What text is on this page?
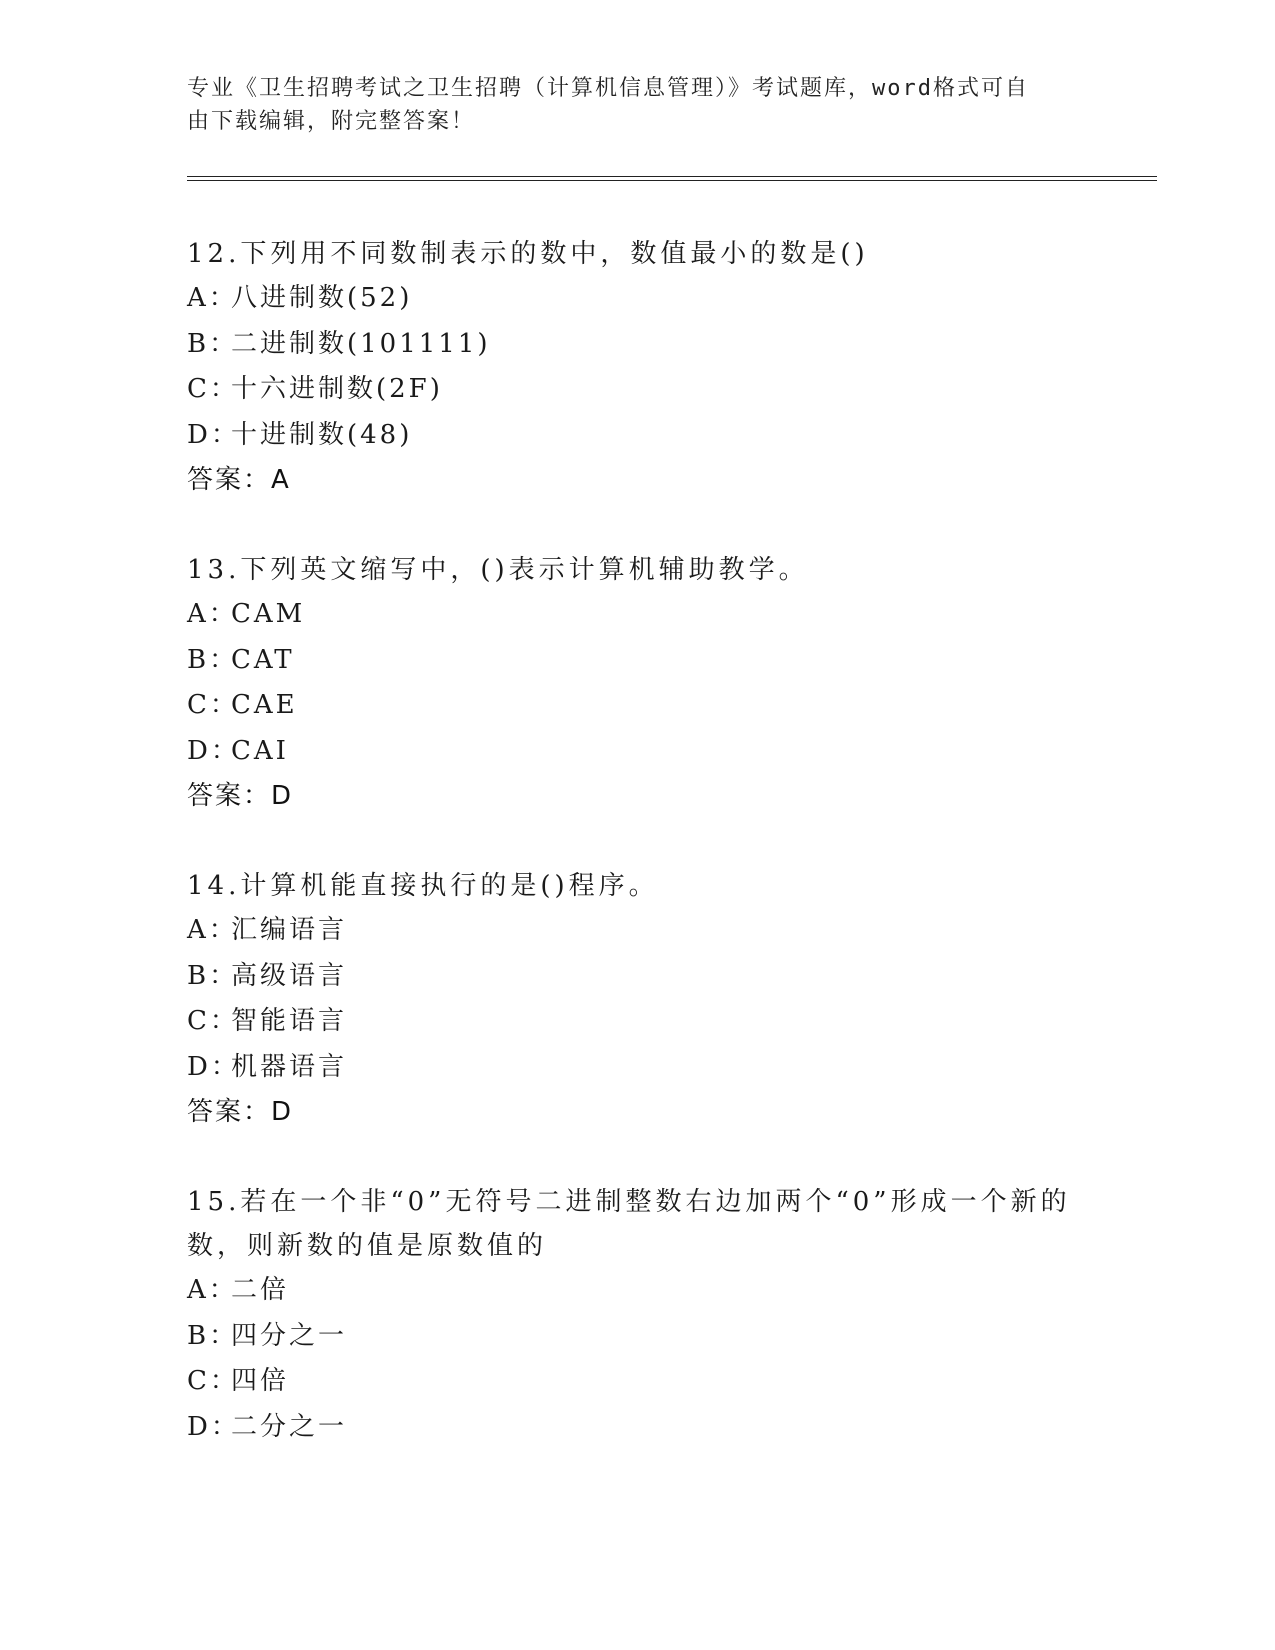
专业《卫生招聘考试之卫生招聘（计算机信息管理）》考试题库，word格式可自
由下载编辑，附完整答案！

12.下列用不同数制表示的数中，数值最小的数是()

A：八进制数(52)

B：二进制数(101111)

C：十六进制数(2F)

D：十进制数(48)

答案：A

13.下列英文缩写中，()表示计算机辅助教学。

A：CAM

B：CAT

C：CAE

D：CAI

答案：D

14.计算机能直接执行的是()程序。

A：汇编语言

B：高级语言

C：智能语言

D：机器语言

答案：D

15.若在一个非“0”无符号二进制整数右边加两个“0”形成一个新的数，则新数的值是原数值的

A：二倍

B：四分之一

C：四倍

D：二分之一
